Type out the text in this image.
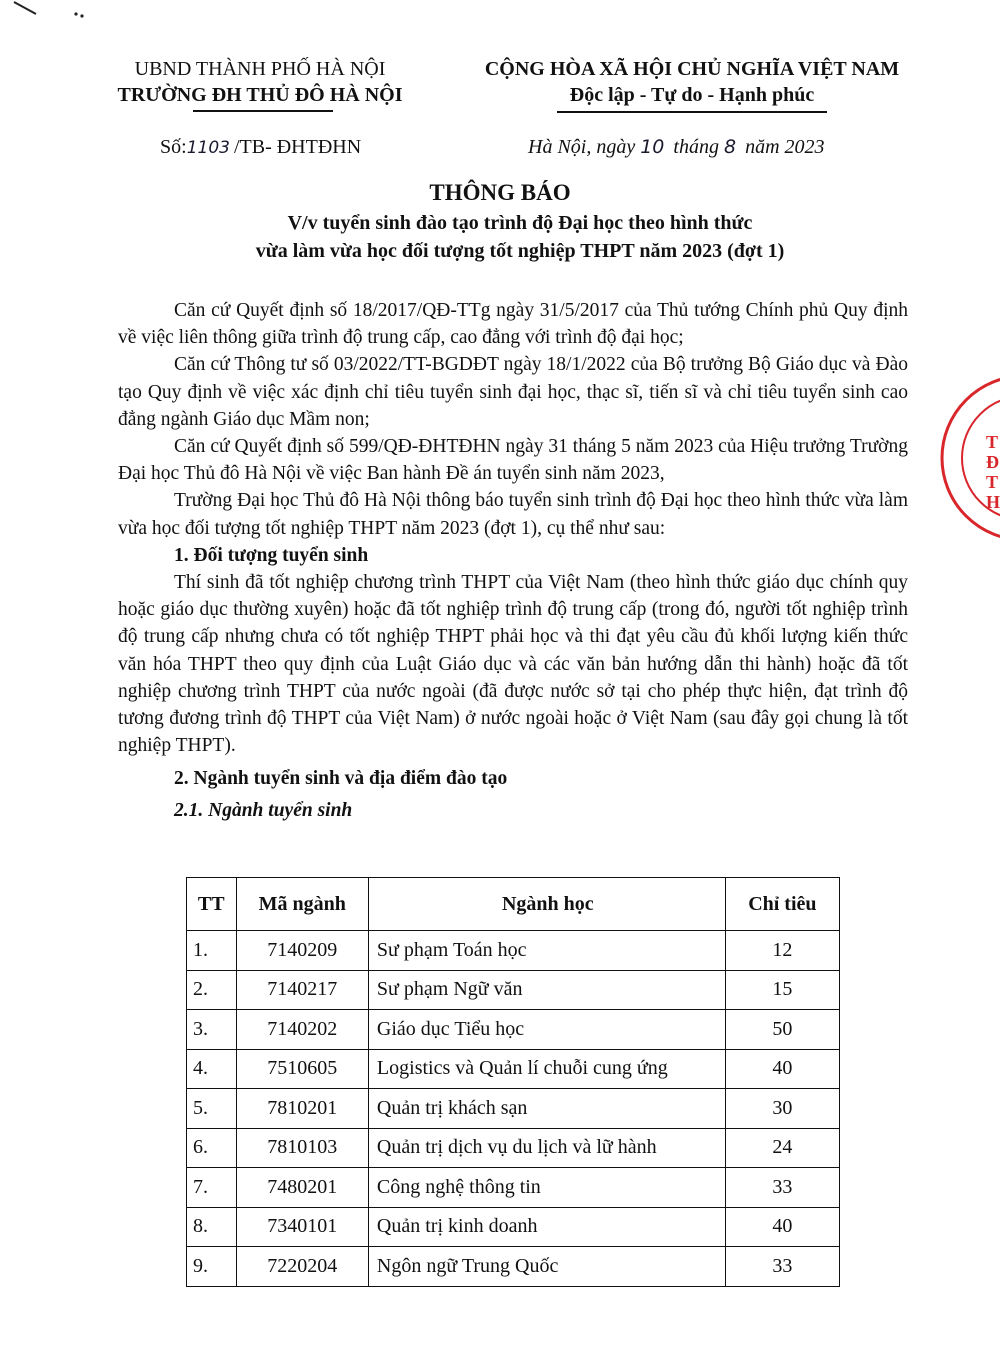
UBND THÀNH PHỐ HÀ NỘI
TRƯỜNG ĐH THỦ ĐÔ HÀ NỘI
CỘNG HÒA XÃ HỘI CHỦ NGHĨA VIỆT NAM
Độc lập - Tự do - Hạnh phúc
Số:1103 /TB- ĐHTĐHN	Hà Nội, ngày 10 tháng 8 năm 2023
THÔNG BÁO
V/v tuyển sinh đào tạo trình độ Đại học theo hình thức
vừa làm vừa học đối tượng tốt nghiệp THPT năm 2023 (đợt 1)

Căn cứ Quyết định số 18/2017/QĐ-TTg ngày 31/5/2017 của Thủ tướng Chính phủ Quy định về việc liên thông giữa trình độ trung cấp, cao đẳng với trình độ đại học;

Căn cứ Thông tư số 03/2022/TT-BGDĐT ngày 18/1/2022 của Bộ trưởng Bộ Giáo dục và Đào tạo Quy định về việc xác định chỉ tiêu tuyển sinh đại học, thạc sĩ, tiến sĩ và chỉ tiêu tuyển sinh cao đẳng ngành Giáo dục Mầm non;

Căn cứ Quyết định số 599/QĐ-ĐHTĐHN ngày 31 tháng 5 năm 2023 của Hiệu trưởng Trường Đại học Thủ đô Hà Nội về việc Ban hành Đề án tuyển sinh năm 2023,

Trường Đại học Thủ đô Hà Nội thông báo tuyển sinh trình độ Đại học theo hình thức vừa làm vừa học đối tượng tốt nghiệp THPT năm 2023 (đợt 1), cụ thể như sau:

1. Đối tượng tuyển sinh

Thí sinh đã tốt nghiệp chương trình THPT của Việt Nam (theo hình thức giáo dục chính quy hoặc giáo dục thường xuyên) hoặc đã tốt nghiệp trình độ trung cấp (trong đó, người tốt nghiệp trình độ trung cấp nhưng chưa có tốt nghiệp THPT phải học và thi đạt yêu cầu đủ khối lượng kiến thức văn hóa THPT theo quy định của Luật Giáo dục và các văn bản hướng dẫn thi hành) hoặc đã tốt nghiệp chương trình THPT của nước ngoài (đã được nước sở tại cho phép thực hiện, đạt trình độ tương đương trình độ THPT của Việt Nam) ở nước ngoài hoặc ở Việt Nam (sau đây gọi chung là tốt nghiệp THPT).

2. Ngành tuyển sinh và địa điểm đào tạo

2.1. Ngành tuyển sinh

TT	Mã ngành	Ngành học	Chỉ tiêu
1.	7140209	Sư phạm Toán học	12
2.	7140217	Sư phạm Ngữ văn	15
3.	7140202	Giáo dục Tiểu học	50
4.	7510605	Logistics và Quản lí chuỗi cung ứng	40
5.	7810201	Quản trị khách sạn	30
6.	7810103	Quản trị dịch vụ du lịch và lữ hành	24
7.	7480201	Công nghệ thông tin	33
8.	7340101	Quản trị kinh doanh	40
9.	7220204	Ngôn ngữ Trung Quốc	33
T
Đ
T
H
